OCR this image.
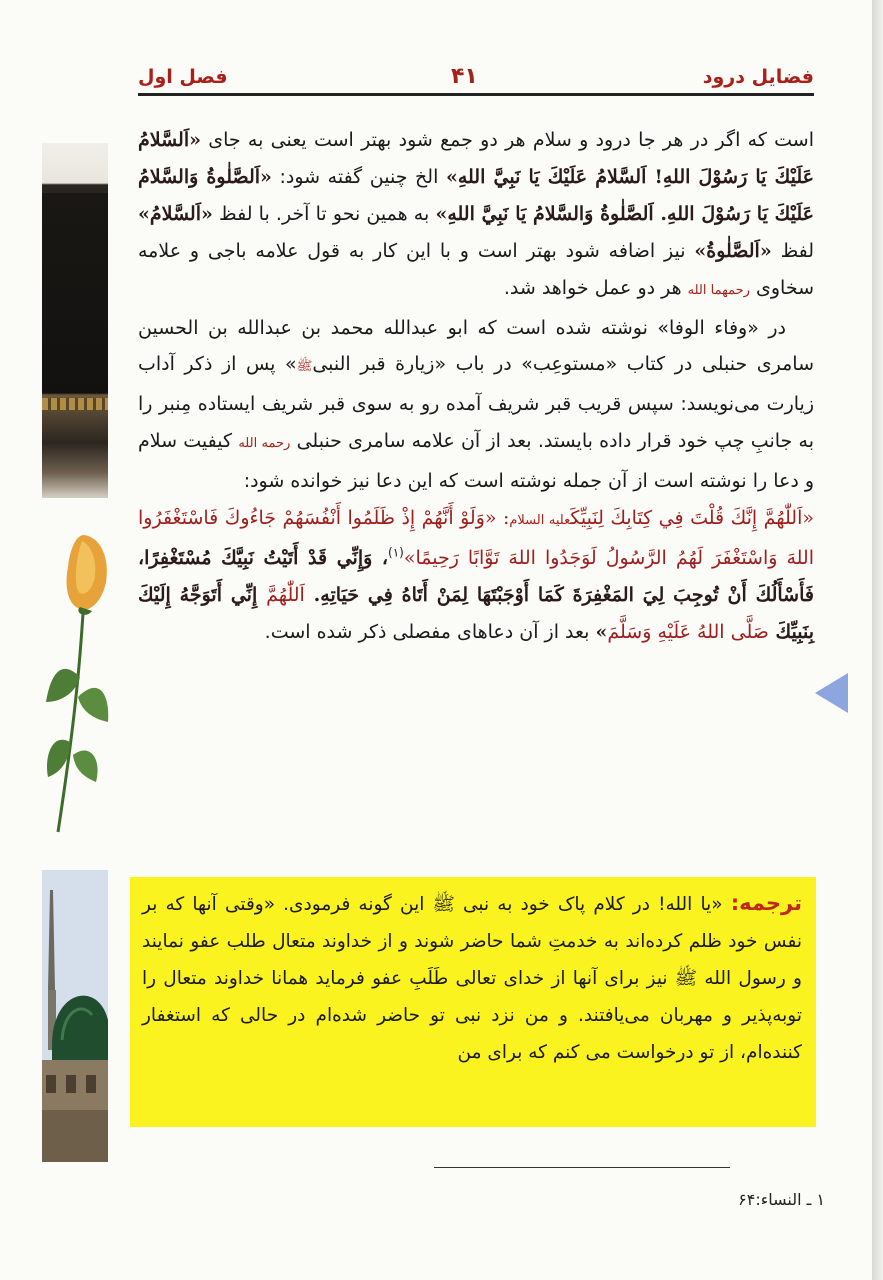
فضایل درود
۴۱
فصل اول

است که اگر در هر جا درود و سلام هر دو جمع شود بهتر است یعنی به جای «اَلسَّلامُ عَلَيْكَ يَا رَسُوْلَ اللهِ! اَلسَّلامُ عَلَيْكَ يَا نَبِيَّ اللهِ» الخ چنین گفته شود: «اَلصَّلٰوةُ وَالسَّلامُ عَلَيْكَ يَا رَسُوْلَ اللهِ. اَلصَّلٰوةُ وَالسَّلامُ يَا نَبِيَّ اللهِ» به همین نحو تا آخر. با لفظ «اَلسَّلامُ» لفظ «اَلصَّلٰوةُ» نیز اضافه شود بهتر است و با این کار به قول علامه باجی و علامه سخاوی رحمهما الله هر دو عمل خواهد شد.

در «وفاء الوفا» نوشته شده است که ابو عبدالله محمد بن عبدالله بن الحسین سامری حنبلی در کتاب «مستوعِب» در باب «زیارة قبر النبیﷺ» پس از ذکر آداب زیارت می‌نویسد: سپس قریب قبر شریف آمده رو به سوی قبر شریف ایستاده مِنبر را به جانبِ چپ خود قرار داده بایستد. بعد از آن علامه سامری حنبلی رحمه الله کیفیت سلام و دعا را نوشته است از آن جمله نوشته است که این دعا نیز خوانده شود:

«اَللّٰهُمَّ إِنَّكَ قُلْتَ فِي كِتَابِكَ لِنَبِيِّكَعليه السلام: «وَلَوْ أَنَّهُمْ إِذْ ظَلَمُوا أَنْفُسَهُمْ جَاءُوكَ فَاسْتَغْفَرُوا اللهَ وَاسْتَغْفَرَ لَهُمُ الرَّسُولُ لَوَجَدُوا اللهَ تَوَّابًا رَحِيمًا»$^{(۱)}$، وَإِنِّي قَدْ أَتَيْتُ نَبِيَّكَ مُسْتَغْفِرًا، فَأَسْأَلُكَ أَنْ تُوجِبَ لِيَ المَغْفِرَةَ كَمَا أَوْجَبْتَهَا لِمَنْ أَتَاهُ فِي حَيَاتِهِ. اَللّٰهُمَّ إِنِّي أَتَوَجَّهُ إِلَيْكَ بِنَبِيِّكَ صَلَّى اللهُ عَلَيْهِ وَسَلَّمَ» بعد از آن دعاهای مفصلی ذکر شده است.

ترجمه: «یا الله! در کلام پاک خود به نبی ﷺ این گونه فرمودی. «وقتی آنها که بر نفس خود ظلم کرده‌اند به خدمتِ شما حاضر شوند و از خداوند متعال طلب عفو نمایند و رسول الله ﷺ نیز برای آنها از خدای تعالی طَلَبِ عفو فرماید همانا خداوند متعال را توبه‌پذیر و مهربان می‌یافتند. و من نزد نبی تو حاضر شده‌ام در حالی که استغفار کننده‌ام، از تو درخواست می کنم که برای من
۱ ـ النساء:۶۴
